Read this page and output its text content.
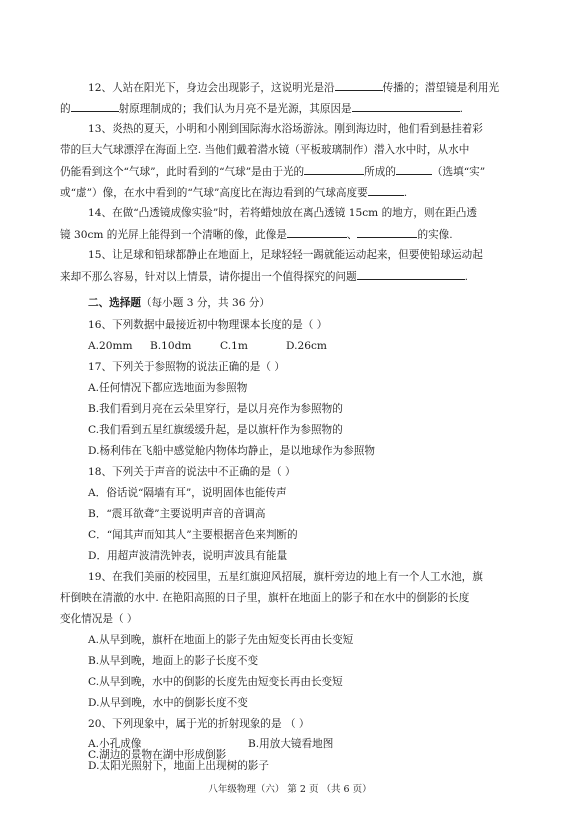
12、人站在阳光下，身边会出现影子，这说明光是沿	传播的；潜望镜是利用光
的	射原理制成的；我们认为月亮不是光源，其原因是	.
13、炎热的夏天，小明和小刚到国际海水浴场游泳。刚到海边时，他们看到悬挂着彩
带的巨大气球漂浮在海面上空. 当他们戴着潜水镜（平板玻璃制作）潜入水中时，从水中
仍能看到这个“气球”，此时看到的“气球”是由于光的	所成的	（选填“实”
或“虚”）像，在水中看到的“气球”高度比在海边看到的气球高度要	.
14、在做“凸透镜成像实验”时，若将蜡烛放在离凸透镜 15cm 的地方，则在距凸透
镜 30cm 的光屏上能得到一个清晰的像，此像是	、	的实像.
15、让足球和铅球都静止在地面上，足球轻轻一踢就能运动起来，但要使铅球运动起
来却不那么容易，针对以上情景，请你提出一个值得探究的问题	.
二、选择题（每小题 3 分，共 36 分）
16、下列数据中最接近初中物理课本长度的是（ ）
A.20mm B.10dm	C.1m	D.26cm
17、下列关于参照物的说法正确的是（ ）
A.任何情况下都应选地面为参照物
B.我们看到月亮在云朵里穿行，是以月亮作为参照物的
C.我们看到五星红旗缓缓升起，是以旗杆作为参照物的
D.杨利伟在飞船中感觉舱内物体均静止，是以地球作为参照物
18、下列关于声音的说法中不正确的是（ ）
A．俗话说“隔墙有耳”，说明固体也能传声
B．“震耳欲聋”主要说明声音的音调高
C．“闻其声而知其人”主要根据音色来判断的
D．用超声波清洗钟表，说明声波具有能量
19、在我们美丽的校园里，五星红旗迎风招展，旗杆旁边的地上有一个人工水池，旗
杆倒映在清澈的水中. 在艳阳高照的日子里，旗杆在地面上的影子和在水中的倒影的长度
变化情况是（ ）
A.从早到晚，旗杆在地面上的影子先由短变长再由长变短
B.从早到晚，地面上的影子长度不变
C.从早到晚，水中的倒影的长度先由短变长再由长变短
D.从早到晚，水中的倒影长度不变
20、下列现象中，属于光的折射现象的是 （ ）
A.小孔成像	B.用放大镜看地图
C.湖边的景物在湖中形成倒影
八年级物理（六） 第 2 页 （共 6 页）
D.太阳光照射下，地面上出现树的影子
